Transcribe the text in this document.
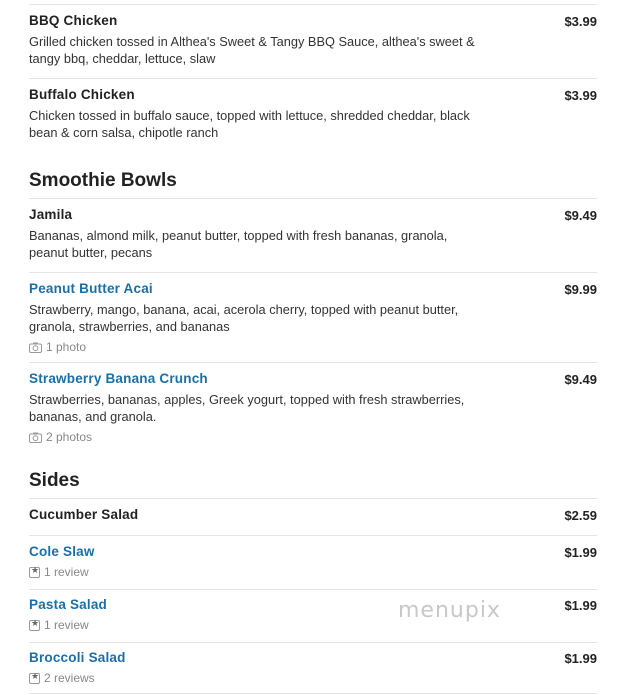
BBQ Chicken	$3.99
Grilled chicken tossed in Althea's Sweet & Tangy BBQ Sauce, althea's sweet & tangy bbq, cheddar, lettuce, slaw
Buffalo Chicken	$3.99
Chicken tossed in buffalo sauce, topped with lettuce, shredded cheddar, black bean & corn salsa, chipotle ranch
Smoothie Bowls
Jamila	$9.49
Bananas, almond milk, peanut butter, topped with fresh bananas, granola, peanut butter, pecans
Peanut Butter Acai	$9.99
Strawberry, mango, banana, acai, acerola cherry, topped with peanut butter, granola, strawberries, and bananas
1 photo
Strawberry Banana Crunch	$9.49
Strawberries, bananas, apples, Greek yogurt, topped with fresh strawberries, bananas, and granola.
2 photos
Sides
Cucumber Salad	$2.59
Cole Slaw	$1.99
★
1 review
Pasta Salad	$1.99
★
1 review
Broccoli Salad	$1.99
★
2 reviews
menupix
